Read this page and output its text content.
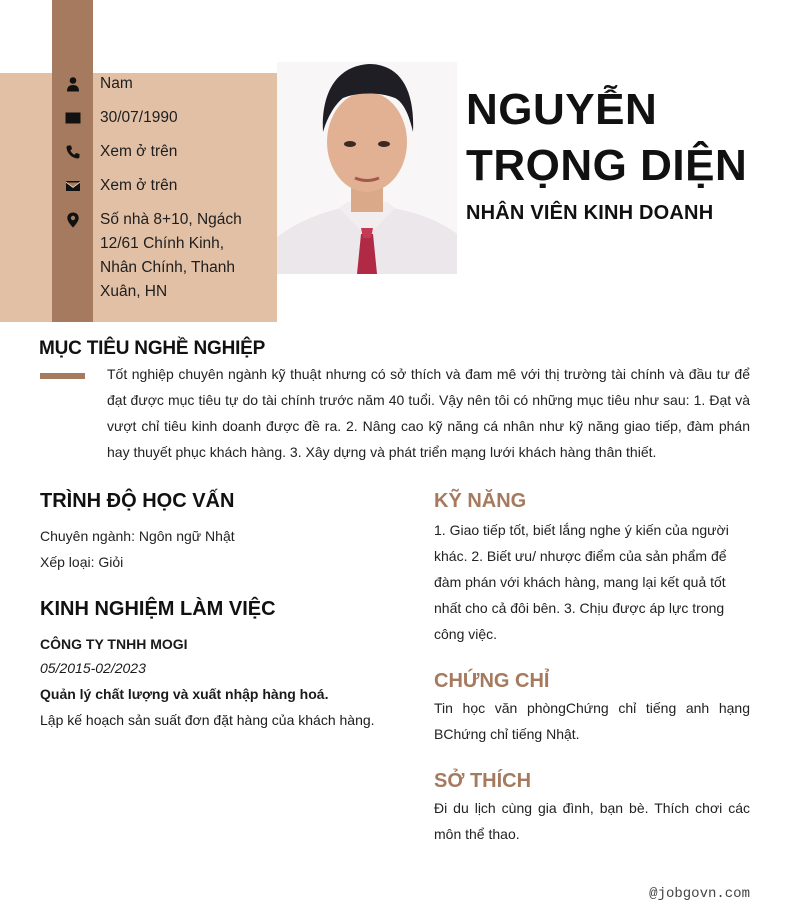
Nam
30/07/1990
Xem ở trên
Xem ở trên
Số nhà 8+10, Ngách 12/61 Chính Kinh, Nhân Chính, Thanh Xuân, HN
NGUYỄN
TRỌNG DIỆN
NHÂN VIÊN KINH DOANH
MỤC TIÊU NGHỀ NGHIỆP
Tốt nghiệp chuyên ngành kỹ thuật nhưng có sở thích và đam mê với thị trường tài chính và đầu tư để đạt được mục tiêu tự do tài chính trước năm 40 tuổi. Vậy nên tôi có những mục tiêu như sau: 1. Đạt và vượt chỉ tiêu kinh doanh được đề ra. 2. Nâng cao kỹ năng cá nhân như kỹ năng giao tiếp, đàm phán hay thuyết phục khách hàng. 3. Xây dựng và phát triển mạng lưới khách hàng thân thiết.
TRÌNH ĐỘ HỌC VẤN
Chuyên ngành: Ngôn ngữ Nhật
Xếp loại: Giỏi
KINH NGHIỆM LÀM VIỆC
CÔNG TY TNHH MOGI
05/2015-02/2023
Quản lý chất lượng và xuất nhập hàng hoá.
Lập kế hoạch sản suất đơn đặt hàng của khách hàng.
KỸ NĂNG
1. Giao tiếp tốt, biết lắng nghe ý kiến của người khác. 2. Biết ưu/ nhược điểm của sản phẩm để đàm phán với khách hàng, mang lại kết quả tốt nhất cho cả đôi bên. 3. Chịu được áp lực trong công việc.
CHỨNG CHỈ
Tin học văn phòngChứng chỉ tiếng anh hạng BChứng chỉ tiếng Nhật.
SỞ THÍCH
Đi du lịch cùng gia đình, bạn bè. Thích chơi các môn thể thao.
@jobgovn.com
